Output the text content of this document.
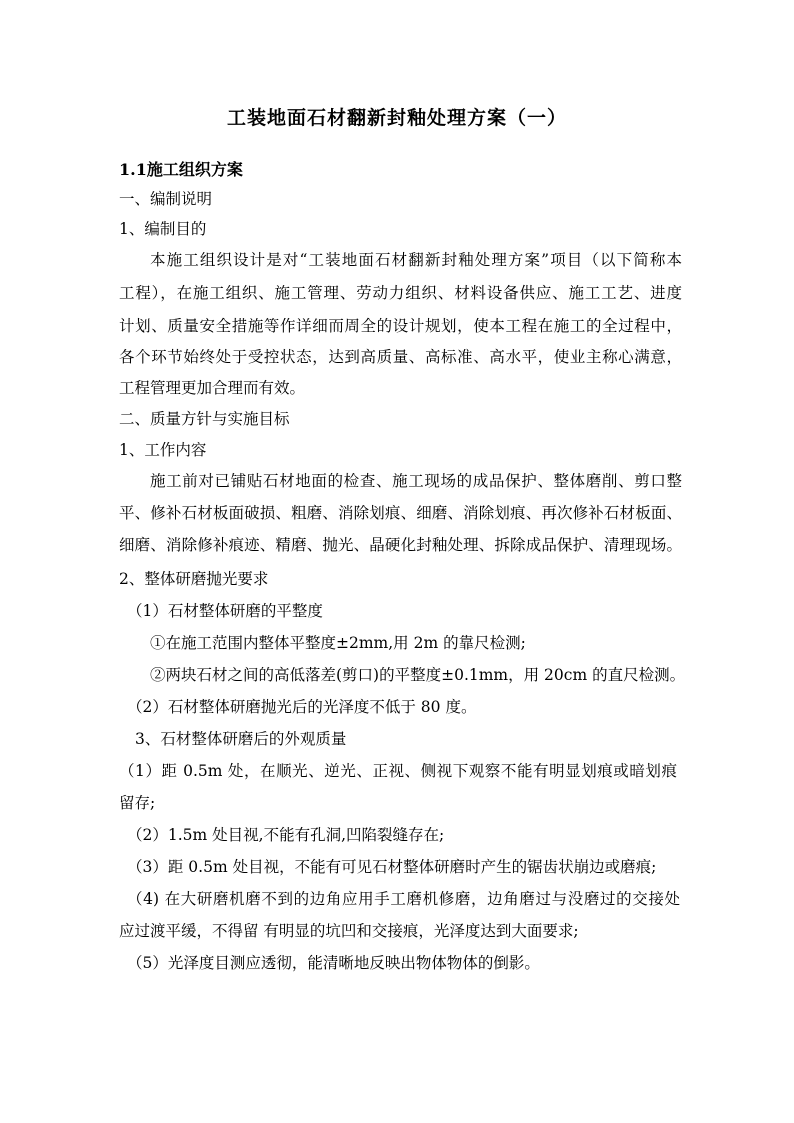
工装地面石材翻新封釉处理方案（一）
1.1施工组织方案
一、编制说明
1、编制目的
本施工组织设计是对“工装地面石材翻新封釉处理方案”项目（以下简称本
工程），在施工组织、施工管理、劳动力组织、材料设备供应、施工工艺、进度
计划、质量安全措施等作详细而周全的设计规划，使本工程在施工的全过程中，
各个环节始终处于受控状态，达到高质量、高标准、高水平，使业主称心满意，
工程管理更加合理而有效。
二、质量方针与实施目标
1、工作内容
施工前对已铺贴石材地面的检查、施工现场的成品保护、整体磨削、剪口整
平、修补石材板面破损、粗磨、消除划痕、细磨、消除划痕、再次修补石材板面、
细磨、消除修补痕迹、精磨、抛光、晶硬化封釉处理、拆除成品保护、清理现场。
2、整体研磨抛光要求
（1）石材整体研磨的平整度
①在施工范围内整体平整度±2mm,用 2m 的靠尺检测;
②两块石材之间的高低落差(剪口)的平整度±0.1mm，用 20cm 的直尺检测。
（2）石材整体研磨抛光后的光泽度不低于 80 度。
3、石材整体研磨后的外观质量
（1）距 0.5m 处，在顺光、逆光、正视、侧视下观察不能有明显划痕或暗划痕
留存;
（2）1.5m 处目视,不能有孔洞,凹陷裂缝存在;
（3）距 0.5m 处目视，不能有可见石材整体研磨时产生的锯齿状崩边或磨痕;
（4) 在大研磨机磨不到的边角应用手工磨机修磨，边角磨过与没磨过的交接处
应过渡平缓，不得留 有明显的坑凹和交接痕，光泽度达到大面要求;
（5）光泽度目测应透彻，能清晰地反映出物体物体的倒影。
